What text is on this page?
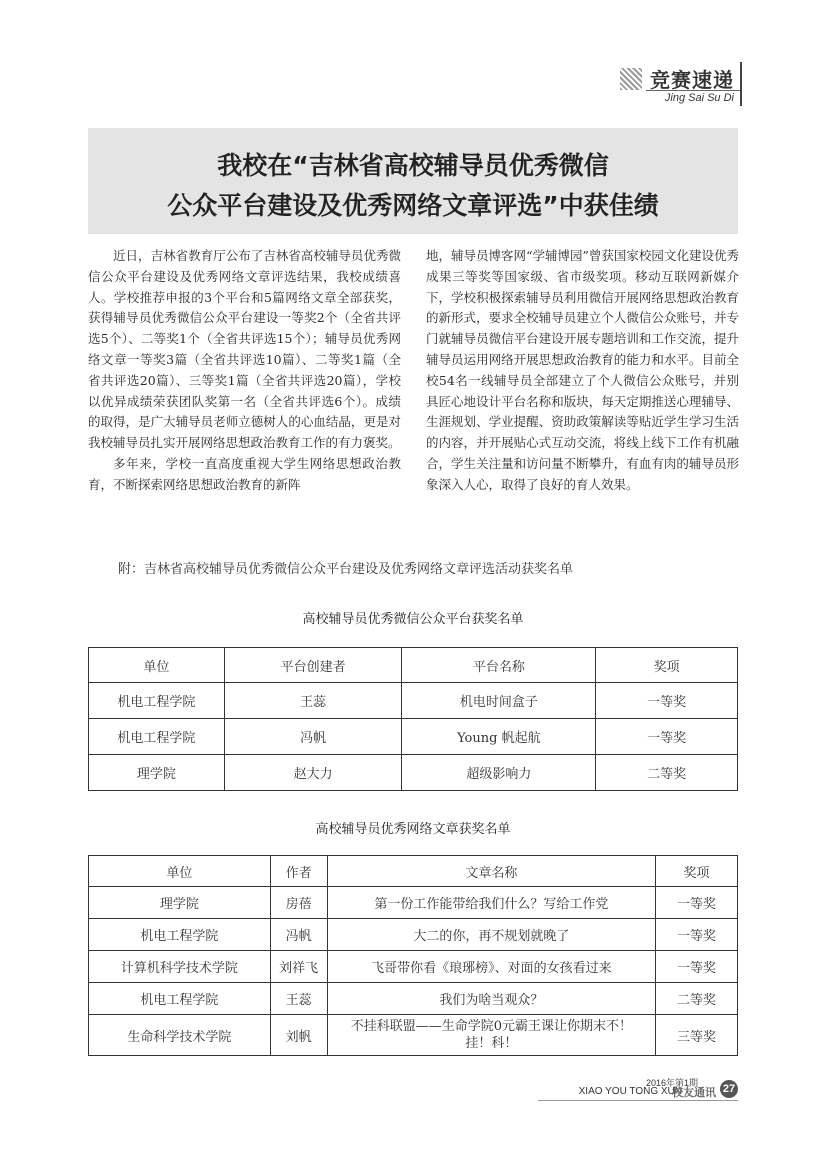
竞赛速递
Jing Sai Su Di
我校在“吉林省高校辅导员优秀微信
公众平台建设及优秀网络文章评选”中获佳绩

近日，吉林省教育厅公布了吉林省高校辅导员优秀微信公众平台建设及优秀网络文章评选结果，我校成绩喜人。学校推荐申报的3个平台和5篇网络文章全部获奖，获得辅导员优秀微信公众平台建设一等奖2个（全省共评选5个）、二等奖1个（全省共评选15个）；辅导员优秀网络文章一等奖3篇（全省共评选10篇）、二等奖1篇（全省共评选20篇）、三等奖1篇（全省共评选20篇），学校以优异成绩荣获团队奖第一名（全省共评选6个）。成绩的取得，是广大辅导员老师立德树人的心血结晶，更是对我校辅导员扎实开展网络思想政治教育工作的有力褒奖。

多年来，学校一直高度重视大学生网络思想政治教育，不断探索网络思想政治教育的新阵

地，辅导员博客网“学辅博园”曾获国家校园文化建设优秀成果三等奖等国家级、省市级奖项。移动互联网新媒介下，学校积极探索辅导员利用微信开展网络思想政治教育的新形式，要求全校辅导员建立个人微信公众账号，并专门就辅导员微信平台建设开展专题培训和工作交流，提升辅导员运用网络开展思想政治教育的能力和水平。目前全校54名一线辅导员全部建立了个人微信公众账号，并别具匠心地设计平台名称和版块，每天定期推送心理辅导、生涯规划、学业提醒、资助政策解读等贴近学生学习生活的内容，并开展贴心式互动交流，将线上线下工作有机融合，学生关注量和访问量不断攀升，有血有肉的辅导员形象深入人心，取得了良好的育人效果。

附：吉林省高校辅导员优秀微信公众平台建设及优秀网络文章评选活动获奖名单
高校辅导员优秀微信公众平台获奖名单
单位	平台创建者	平台名称	奖项
机电工程学院	王蕊	机电时间盒子	一等奖
机电工程学院	冯帆	Young 帆起航	一等奖
理学院	赵大力	超级影响力	二等奖
高校辅导员优秀网络文章获奖名单
单位	作者	文章名称	奖项
理学院	房蓓	第一份工作能带给我们什么？写给工作党	一等奖
机电工程学院	冯帆	大二的你，再不规划就晚了	一等奖
计算机科学技术学院	刘祥飞	飞哥带你看《琅琊榜》、对面的女孩看过来	一等奖
机电工程学院	王蕊	我们为啥当观众？	二等奖
生命科学技术学院	刘帆	不挂科联盟——生命学院0元霸王课让你期末不！挂！科！	三等奖
2016年第1期
XIAO YOU TONG XUN
校友通讯 27
